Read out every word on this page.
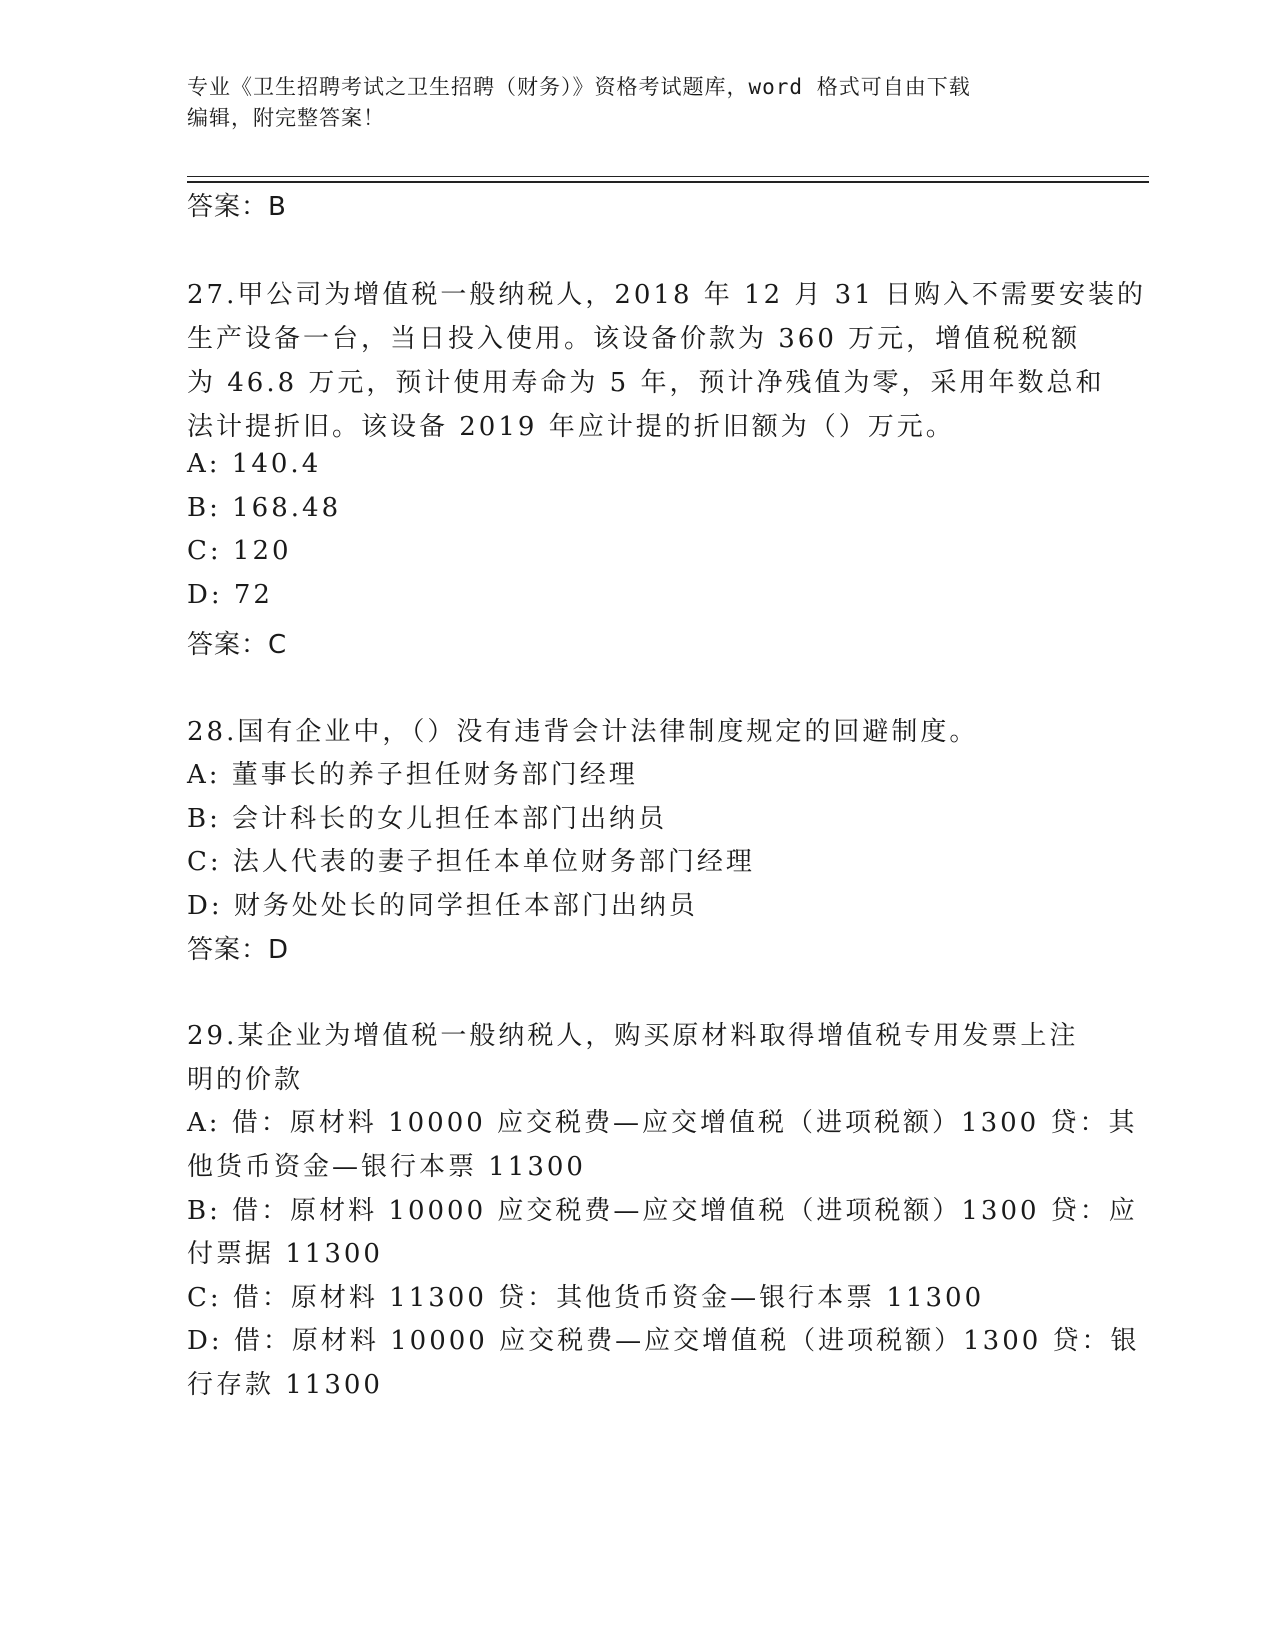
专业《卫生招聘考试之卫生招聘（财务）》资格考试题库，word 格式可自由下载
编辑，附完整答案！
答案：B
27.甲公司为增值税一般纳税人，2018 年 12 月 31 日购入不需要安装的
生产设备一台，当日投入使用。该设备价款为 360 万元，增值税税额
为 46.8 万元，预计使用寿命为 5 年，预计净残值为零，采用年数总和
法计提折旧。该设备 2019 年应计提的折旧额为（）万元。
A: 140.4
B: 168.48
C: 120
D: 72
答案：C
28.国有企业中，（）没有违背会计法律制度规定的回避制度。
A: 董事长的养子担任财务部门经理
B: 会计科长的女儿担任本部门出纳员
C: 法人代表的妻子担任本单位财务部门经理
D: 财务处处长的同学担任本部门出纳员
答案：D
29.某企业为增值税一般纳税人，购买原材料取得增值税专用发票上注
明的价款
A: 借：原材料 10000 应交税费—应交增值税（进项税额）1300 贷：其
他货币资金—银行本票 11300
B: 借：原材料 10000 应交税费—应交增值税（进项税额）1300 贷：应
付票据 11300
C: 借：原材料 11300 贷：其他货币资金—银行本票 11300
D: 借：原材料 10000 应交税费—应交增值税（进项税额）1300 贷：银
行存款 11300
